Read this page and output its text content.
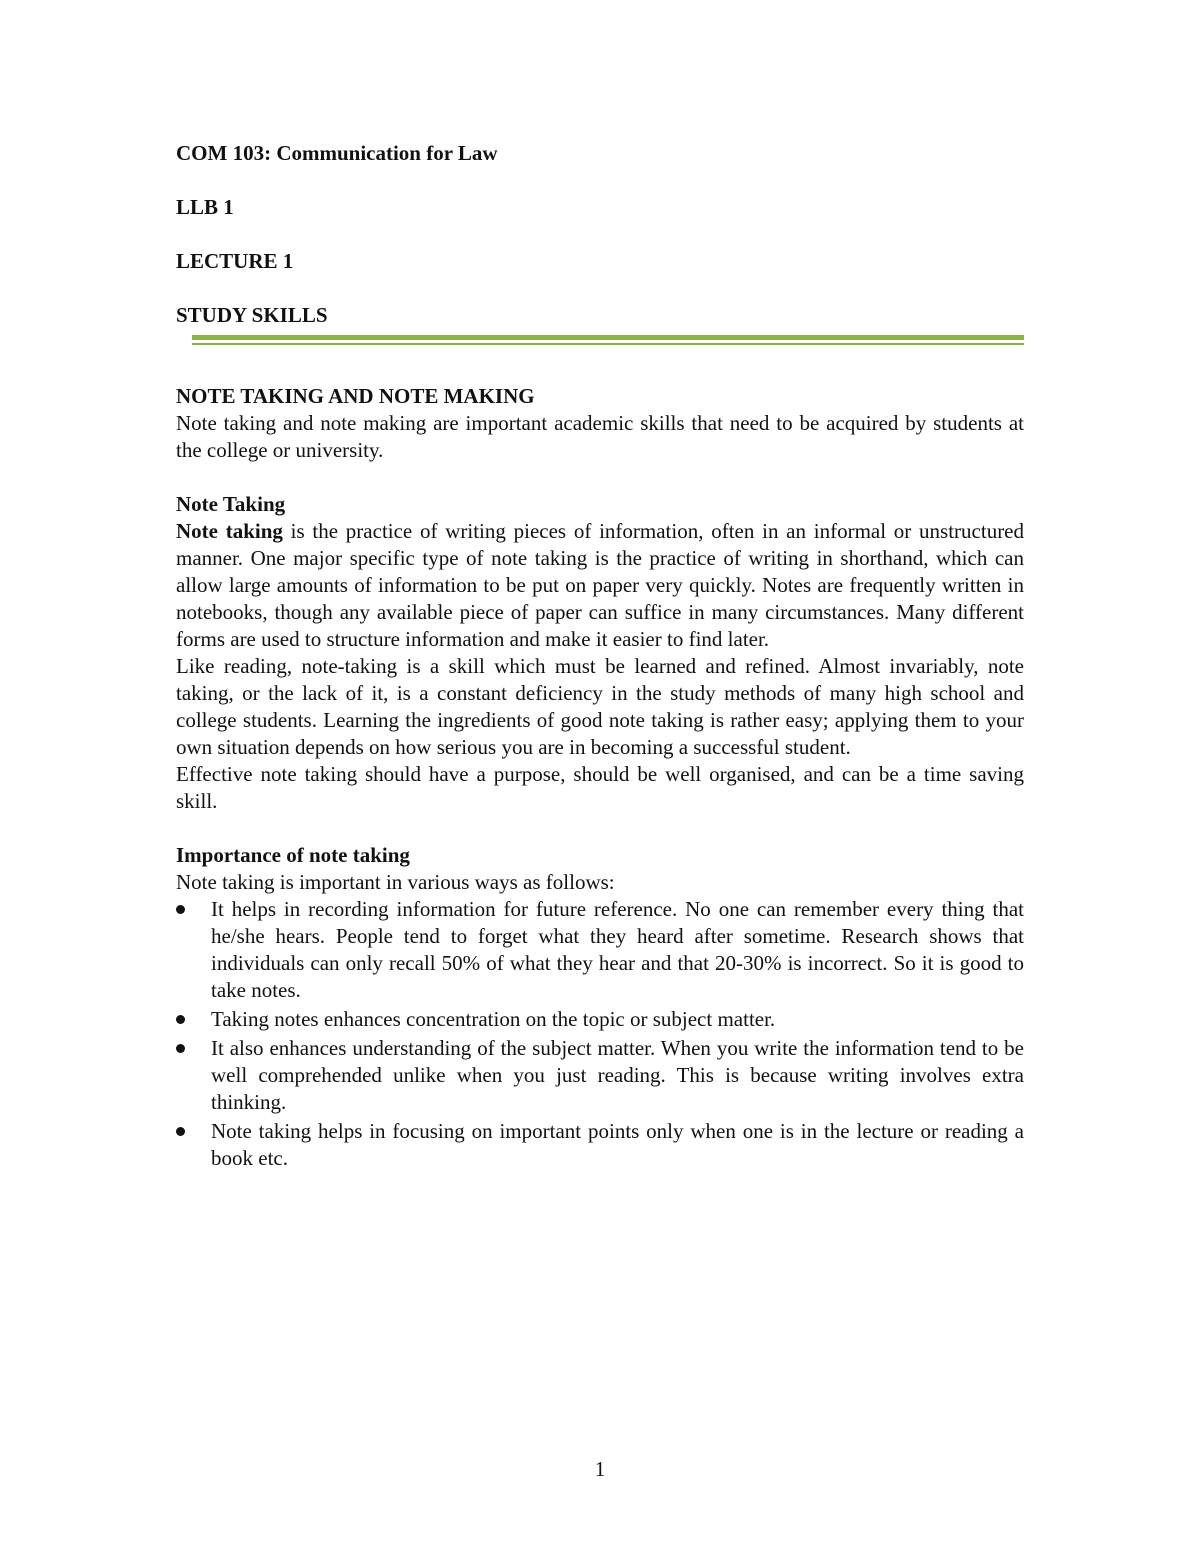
COM 103: Communication for Law

LLB 1

LECTURE 1

STUDY SKILLS

NOTE TAKING AND NOTE MAKING

Note taking and note making are important academic skills that need to be acquired by students at the college or university.

Note Taking

Note taking is the practice of writing pieces of information, often in an informal or unstructured manner. One major specific type of note taking is the practice of writing in shorthand, which can allow large amounts of information to be put on paper very quickly. Notes are frequently written in notebooks, though any available piece of paper can suffice in many circumstances. Many different forms are used to structure information and make it easier to find later.

Like reading, note-taking is a skill which must be learned and refined. Almost invariably, note taking, or the lack of it, is a constant deficiency in the study methods of many high school and college students. Learning the ingredients of good note taking is rather easy; applying them to your own situation depends on how serious you are in becoming a successful student.

Effective note taking should have a purpose, should be well organised, and can be a time saving skill.

Importance of note taking

Note taking is important in various ways as follows:

It helps in recording information for future reference. No one can remember every thing that he/she hears. People tend to forget what they heard after sometime. Research shows that individuals can only recall 50% of what they hear and that 20-30% is incorrect. So it is good to take notes.
Taking notes enhances concentration on the topic or subject matter.
It also enhances understanding of the subject matter. When you write the information tend to be well comprehended unlike when you just reading. This is because writing involves extra thinking.
Note taking helps in focusing on important points only when one is in the lecture or reading a book etc.
1
